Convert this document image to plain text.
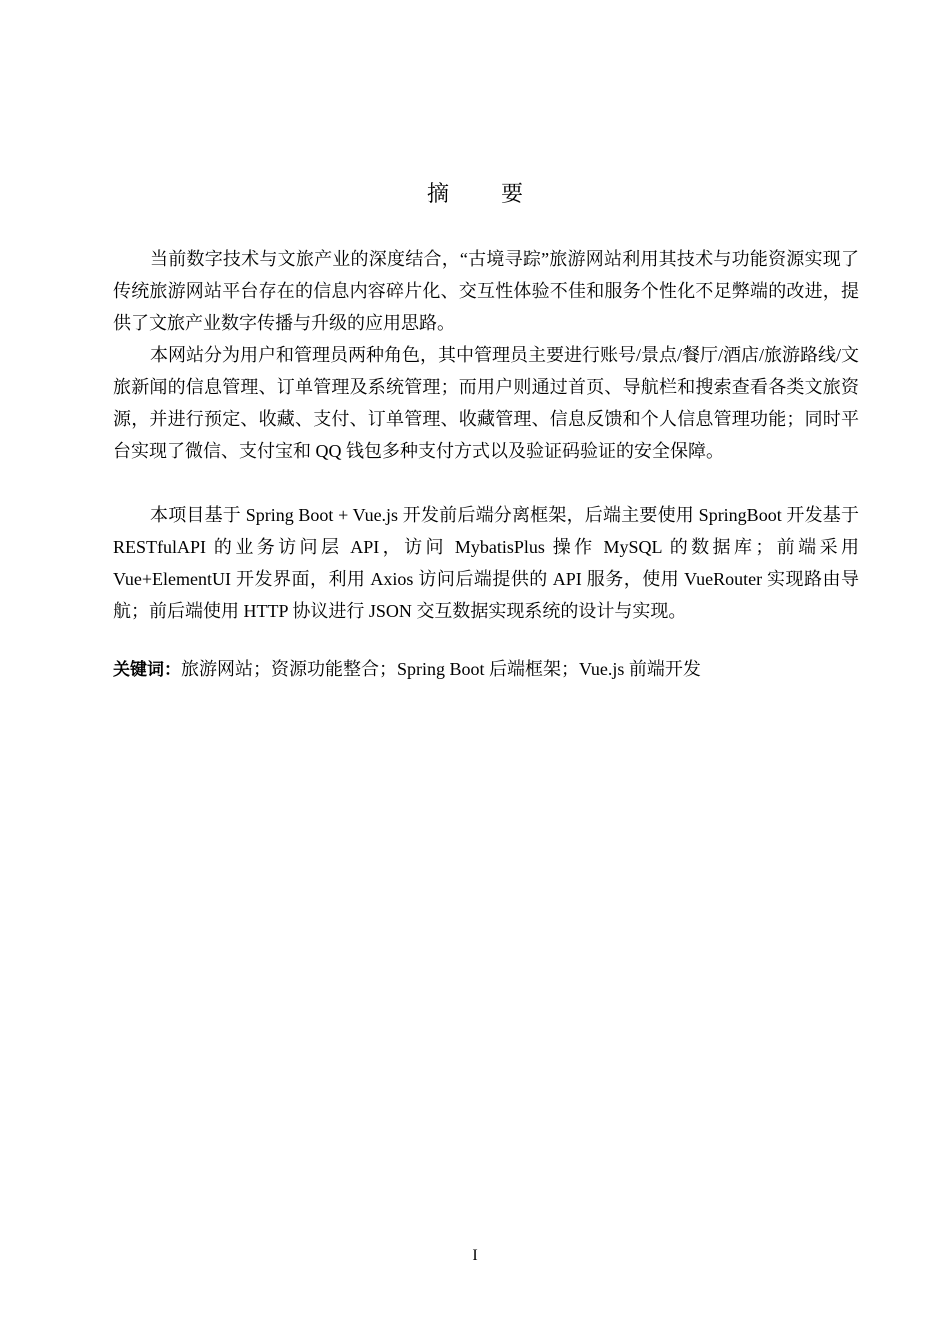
摘 要

当前数字技术与文旅产业的深度结合，“古境寻踪”旅游网站利用其技术与功能资源实现了传统旅游网站平台存在的信息内容碎片化、交互性体验不佳和服务个性化不足弊端的改进，提供了文旅产业数字传播与升级的应用思路。

本网站分为用户和管理员两种角色，其中管理员主要进行账号/景点/餐厅/酒店/旅游路线/文旅新闻的信息管理、订单管理及系统管理；而用户则通过首页、导航栏和搜索查看各类文旅资源，并进行预定、收藏、支付、订单管理、收藏管理、信息反馈和个人信息管理功能；同时平台实现了微信、支付宝和 QQ 钱包多种支付方式以及验证码验证的安全保障。

本项目基于 Spring Boot + Vue.js 开发前后端分离框架，后端主要使用 SpringBoot 开发基于 RESTfulAPI 的业务访问层 API，访问 MybatisPlus 操作 MySQL 的数据库；前端采用 Vue+ElementUI 开发界面，利用 Axios 访问后端提供的 API 服务，使用 VueRouter 实现路由导航；前后端使用 HTTP 协议进行 JSON 交互数据实现系统的设计与实现。

关键词：旅游网站；资源功能整合；Spring Boot 后端框架；Vue.js 前端开发
I
